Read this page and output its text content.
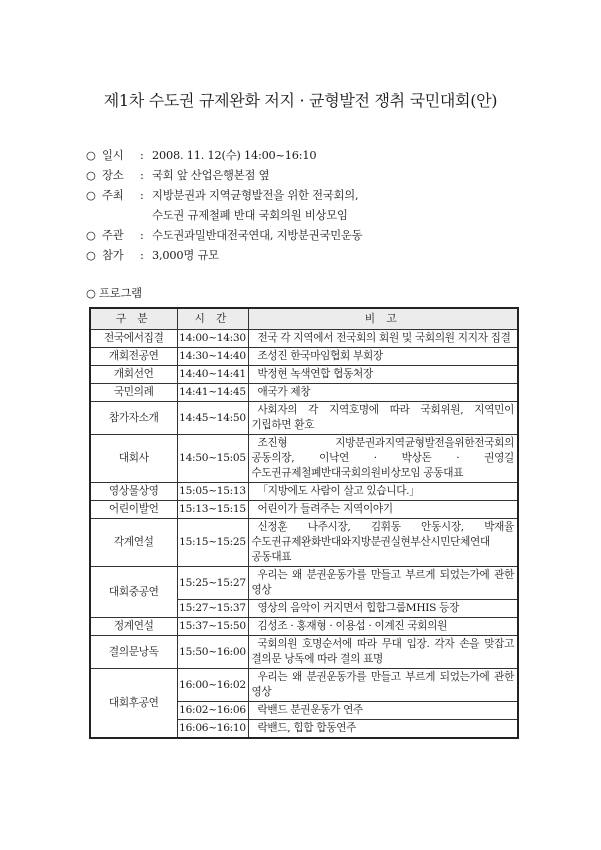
제1차 수도권 규제완화 저지 · 균형발전 쟁취 국민대회(안)
○ 일시	: 2008. 11. 12(수) 14:00~16:10
○ 장소	: 국회 앞 산업은행본점 옆
○ 주최	: 지방분권과 지역균형발전을 위한 전국회의,
수도권 규제철폐 반대 국회의원 비상모임
○ 주관	: 수도권과밀반대전국연대, 지방분권국민운동
○ 참가	: 3,000명 규모
○ 프로그램
구 분	시 간	비 고
전국에서집결	14:00~14:30	전국 각 지역에서 전국회의 회원 및 국회의원 지지자 집결
개회전공연	14:30~14:40	조성진 한국마임협회 부회장
개회선언	14:40~14:41	박정현 녹색연합 협동처장
국민의례	14:41~14:45	애국가 제창
참가자소개	14:45~14:50	사회자의 각 지역호명에 따라 국회위원, 지역민이 기립하면 환호
대회사	14:50~15:05	조진형 지방분권과지역균형발전을위한전국회의 공동의장, 이낙연 · 박상돈 · 권영길 수도권규제철폐반대국회의원비상모임 공동대표
영상물상영	15:05~15:13	「지방에도 사람이 살고 있습니다.」
어린이발언	15:13~15:15	어린이가 들려주는 지역이야기
각계연설	15:15~15:25	신정훈 나주시장, 김휘동 안동시장, 박재율 수도권규제완화반대와지방분권실현부산시민단체연대 공동대표
대회중공연	15:25~15:27	우리는 왜 분권운동가를 만들고 부르게 되었는가에 관한 영상
	15:27~15:37	영상의 음악이 커지면서 힙합그룹MHIS 등장
정계연설	15:37~15:50	김성조 · 홍재형 · 이용섭 · 이계진 국회의원
결의문낭독	15:50~16:00	국회의원 호명순서에 따라 무대 입장. 각자 손을 맞잡고 결의문 낭독에 따라 결의 표명
대회후공연	16:00~16:02	우리는 왜 분권운동가를 만들고 부르게 되었는가에 관한 영상
	16:02~16:06	락밴드 분권운동가 연주
	16:06~16:10	락밴드, 힙합 합동연주
